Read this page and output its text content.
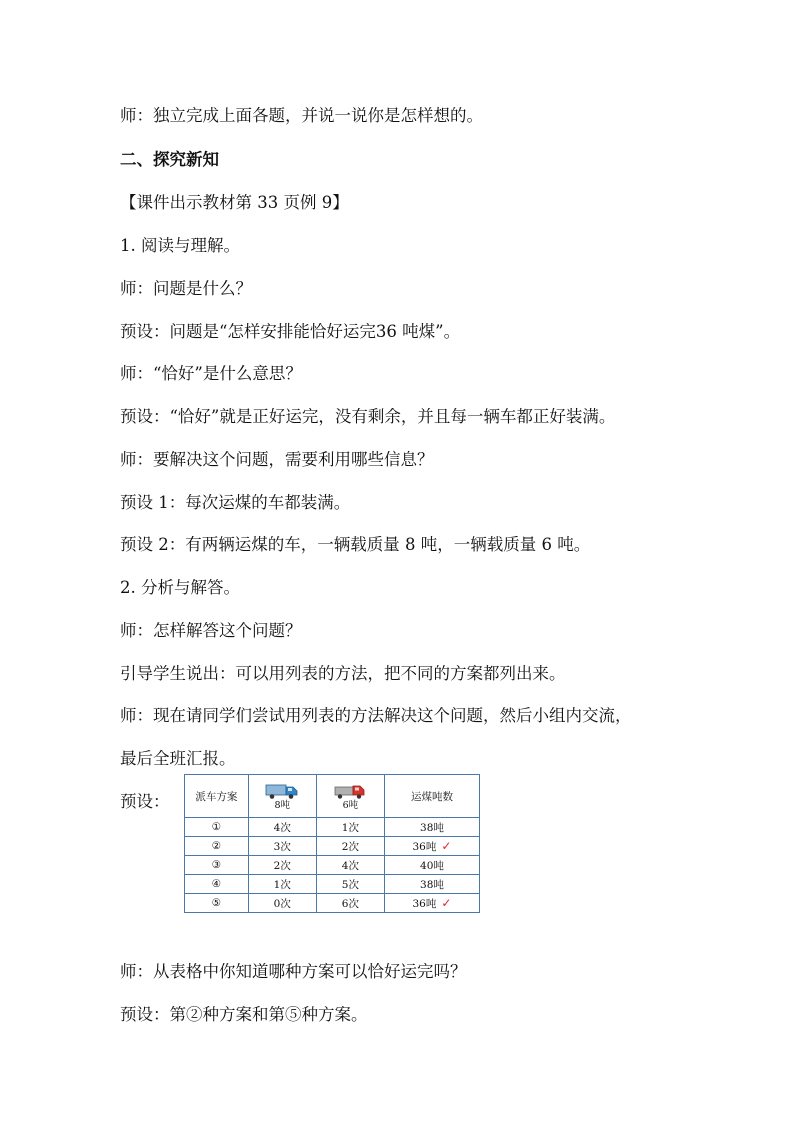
师：独立完成上面各题，并说一说你是怎样想的。
二、探究新知
【课件出示教材第 33 页例 9】
1. 阅读与理解。
师：问题是什么？
预设：问题是“怎样安排能恰好运完36 吨煤”。
师：“恰好”是什么意思？
预设：“恰好”就是正好运完，没有剩余，并且每一辆车都正好装满。
师：要解决这个问题，需要利用哪些信息？
预设 1：每次运煤的车都装满。
预设 2：有两辆运煤的车，一辆载质量 8 吨，一辆载质量 6 吨。
2. 分析与解答。
师：怎样解答这个问题？
引导学生说出：可以用列表的方法，把不同的方案都列出来。
师：现在请同学们尝试用列表的方法解决这个问题，然后小组内交流，
最后全班汇报。
预设：
师：从表格中你知道哪种方案可以恰好运完吗？
预设：第②种方案和第⑤种方案。
派车方案	8吨	6吨	运煤吨数
①	4次	1次	38吨
②	3次	2次	36吨 ✓
③	2次	4次	40吨
④	1次	5次	38吨
⑤	0次	6次	36吨 ✓
